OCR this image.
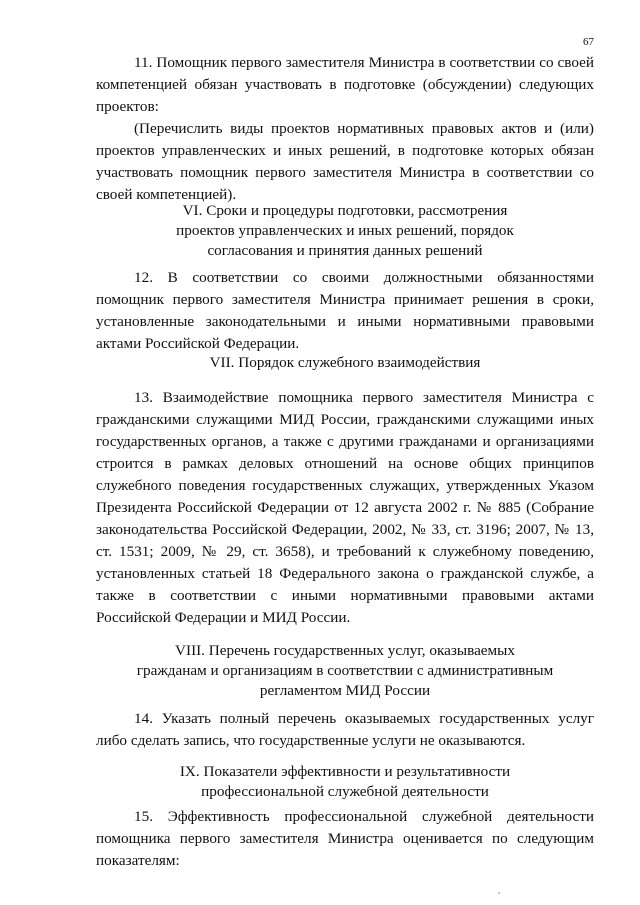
67

11. Помощник первого заместителя Министра в соответствии со своей компетенцией обязан участвовать в подготовке (обсуждении) следующих проектов:

(Перечислить виды проектов нормативных правовых актов и (или) проектов управленческих и иных решений, в подготовке которых обязан участвовать помощник первого заместителя Министра в соответствии со своей компетенцией).

VI. Сроки и процедуры подготовки, рассмотрения
проектов управленческих и иных решений, порядок
согласования и принятия данных решений

12. В соответствии со своими должностными обязанностями помощник первого заместителя Министра принимает решения в сроки, установленные законодательными и иными нормативными правовыми актами Российской Федерации.

VII. Порядок служебного взаимодействия

13. Взаимодействие помощника первого заместителя Министра с гражданскими служащими МИД России, гражданскими служащими иных государственных органов, а также с другими гражданами и организациями строится в рамках деловых отношений на основе общих принципов служебного поведения государственных служащих, утвержденных Указом Президента Российской Федерации от 12 августа 2002 г. № 885 (Собрание законодательства Российской Федерации, 2002, № 33, ст. 3196; 2007, № 13, ст. 1531; 2009, № 29, ст. 3658), и требований к служебному поведению, установленных статьей 18 Федерального закона о гражданской службе, а также в соответствии с иными нормативными правовыми актами Российской Федерации и МИД России.

VIII. Перечень государственных услуг, оказываемых
гражданам и организациям в соответствии с административным
регламентом МИД России

14. Указать полный перечень оказываемых государственных услуг либо сделать запись, что государственные услуги не оказываются.

IX. Показатели эффективности и результативности
профессиональной служебной деятельности

15. Эффективность профессиональной служебной деятельности помощника первого заместителя Министра оценивается по следующим показателям:
